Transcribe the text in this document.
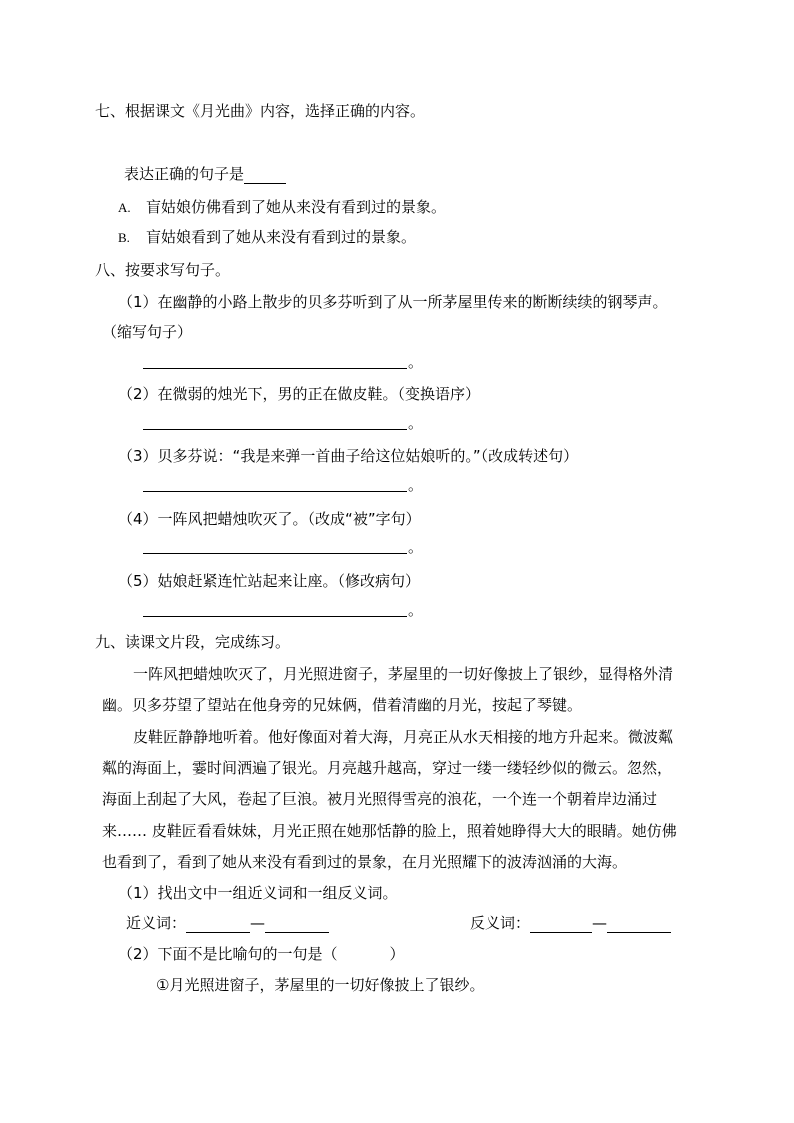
七、根据课文《月光曲》内容，选择正确的内容。
表达正确的句子是
A. 盲姑娘仿佛看到了她从来没有看到过的景象。
B. 盲姑娘看到了她从来没有看到过的景象。
八、按要求写句子。
（1）在幽静的小路上散步的贝多芬听到了从一所茅屋里传来的断断续续的钢琴声。
（缩写句子）
。
（2）在微弱的烛光下，男的正在做皮鞋。（变换语序）
。
（3）贝多芬说：“我是来弹一首曲子给这位姑娘听的。”（改成转述句）
。
（4）一阵风把蜡烛吹灭了。（改成“被”字句）
。
（5）姑娘赶紧连忙站起来让座。（修改病句）
。
九、读课文片段，完成练习。
一阵风把蜡烛吹灭了，月光照进窗子，茅屋里的一切好像披上了银纱，显得格外清
幽。贝多芬望了望站在他身旁的兄妹俩，借着清幽的月光，按起了琴键。
皮鞋匠静静地听着。他好像面对着大海，月亮正从水天相接的地方升起来。微波粼
粼的海面上，霎时间洒遍了银光。月亮越升越高，穿过一缕一缕轻纱似的微云。忽然，
海面上刮起了大风，卷起了巨浪。被月光照得雪亮的浪花，一个连一个朝着岸边涌过
来…… 皮鞋匠看看妹妹，月光正照在她那恬静的脸上，照着她睁得大大的眼睛。她仿佛
也看到了，看到了她从来没有看到过的景象，在月光照耀下的波涛汹涌的大海。
（1）找出文中一组近义词和一组反义词。
近义词：	—	反义词：	—
（2）下面不是比喻句的一句是（	）
①月光照进窗子，茅屋里的一切好像披上了银纱。
